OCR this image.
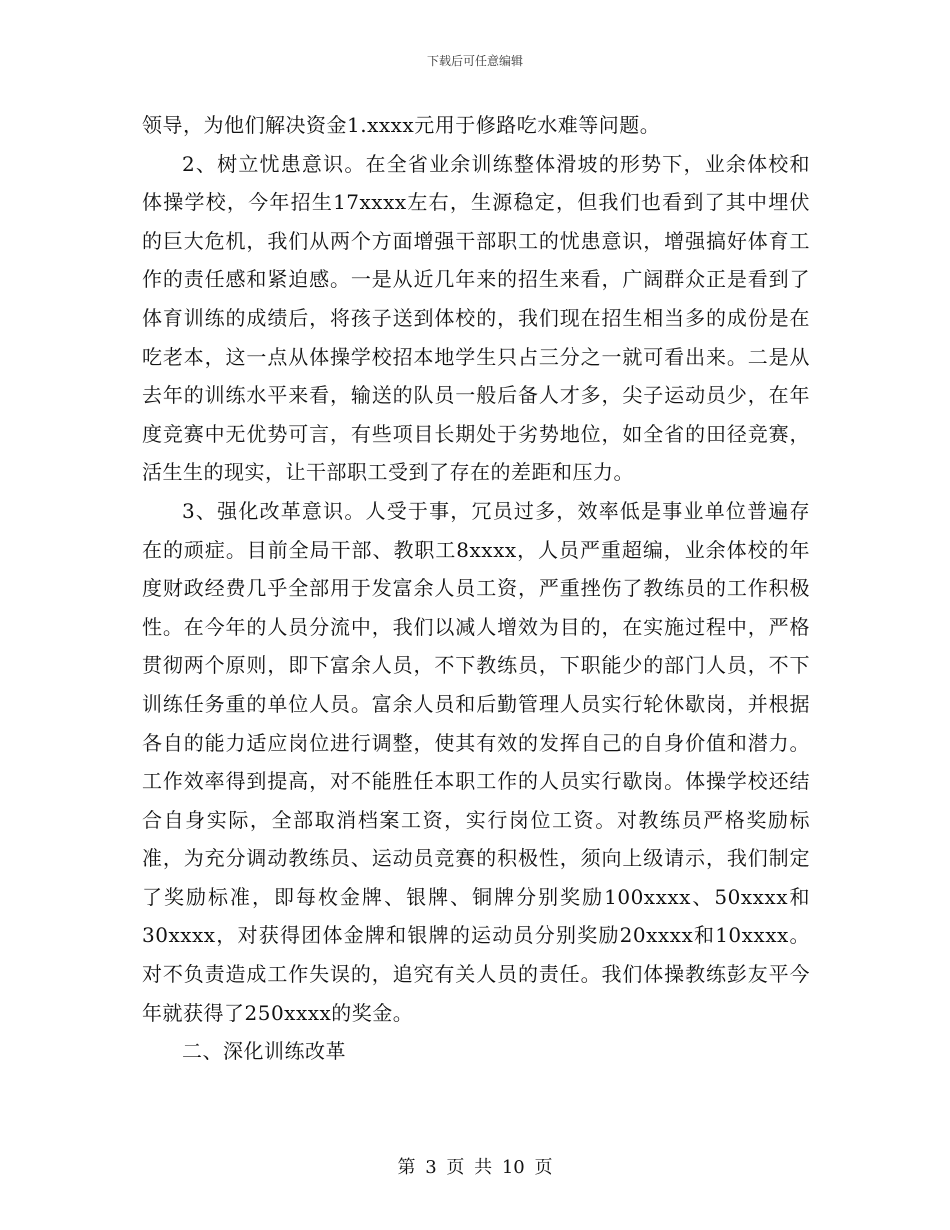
下载后可任意编辑

领导，为他们解决资金1.xxxx元用于修路吃水难等问题。

2、树立忧患意识。在全省业余训练整体滑坡的形势下，业余体校和体操学校，今年招生17xxxx左右，生源稳定，但我们也看到了其中埋伏的巨大危机，我们从两个方面增强干部职工的忧患意识，增强搞好体育工作的责任感和紧迫感。一是从近几年来的招生来看，广阔群众正是看到了体育训练的成绩后，将孩子送到体校的，我们现在招生相当多的成份是在吃老本，这一点从体操学校招本地学生只占三分之一就可看出来。二是从去年的训练水平来看，输送的队员一般后备人才多，尖子运动员少，在年度竞赛中无优势可言，有些项目长期处于劣势地位，如全省的田径竞赛，活生生的现实，让干部职工受到了存在的差距和压力。

3、强化改革意识。人受于事，冗员过多，效率低是事业单位普遍存在的顽症。目前全局干部、教职工8xxxx，人员严重超编，业余体校的年度财政经费几乎全部用于发富余人员工资，严重挫伤了教练员的工作积极性。在今年的人员分流中，我们以减人增效为目的，在实施过程中，严格贯彻两个原则，即下富余人员，不下教练员，下职能少的部门人员，不下训练任务重的单位人员。富余人员和后勤管理人员实行轮休歇岗，并根据各自的能力适应岗位进行调整，使其有效的发挥自己的自身价值和潜力。工作效率得到提高，对不能胜任本职工作的人员实行歇岗。体操学校还结合自身实际，全部取消档案工资，实行岗位工资。对教练员严格奖励标准，为充分调动教练员、运动员竞赛的积极性，须向上级请示，我们制定了奖励标准，即每枚金牌、银牌、铜牌分别奖励100xxxx、50xxxx和30xxxx，对获得团体金牌和银牌的运动员分别奖励20xxxx和10xxxx。对不负责造成工作失误的，追究有关人员的责任。我们体操教练彭友平今年就获得了250xxxx的奖金。

二、深化训练改革

第 3 页 共 10 页
